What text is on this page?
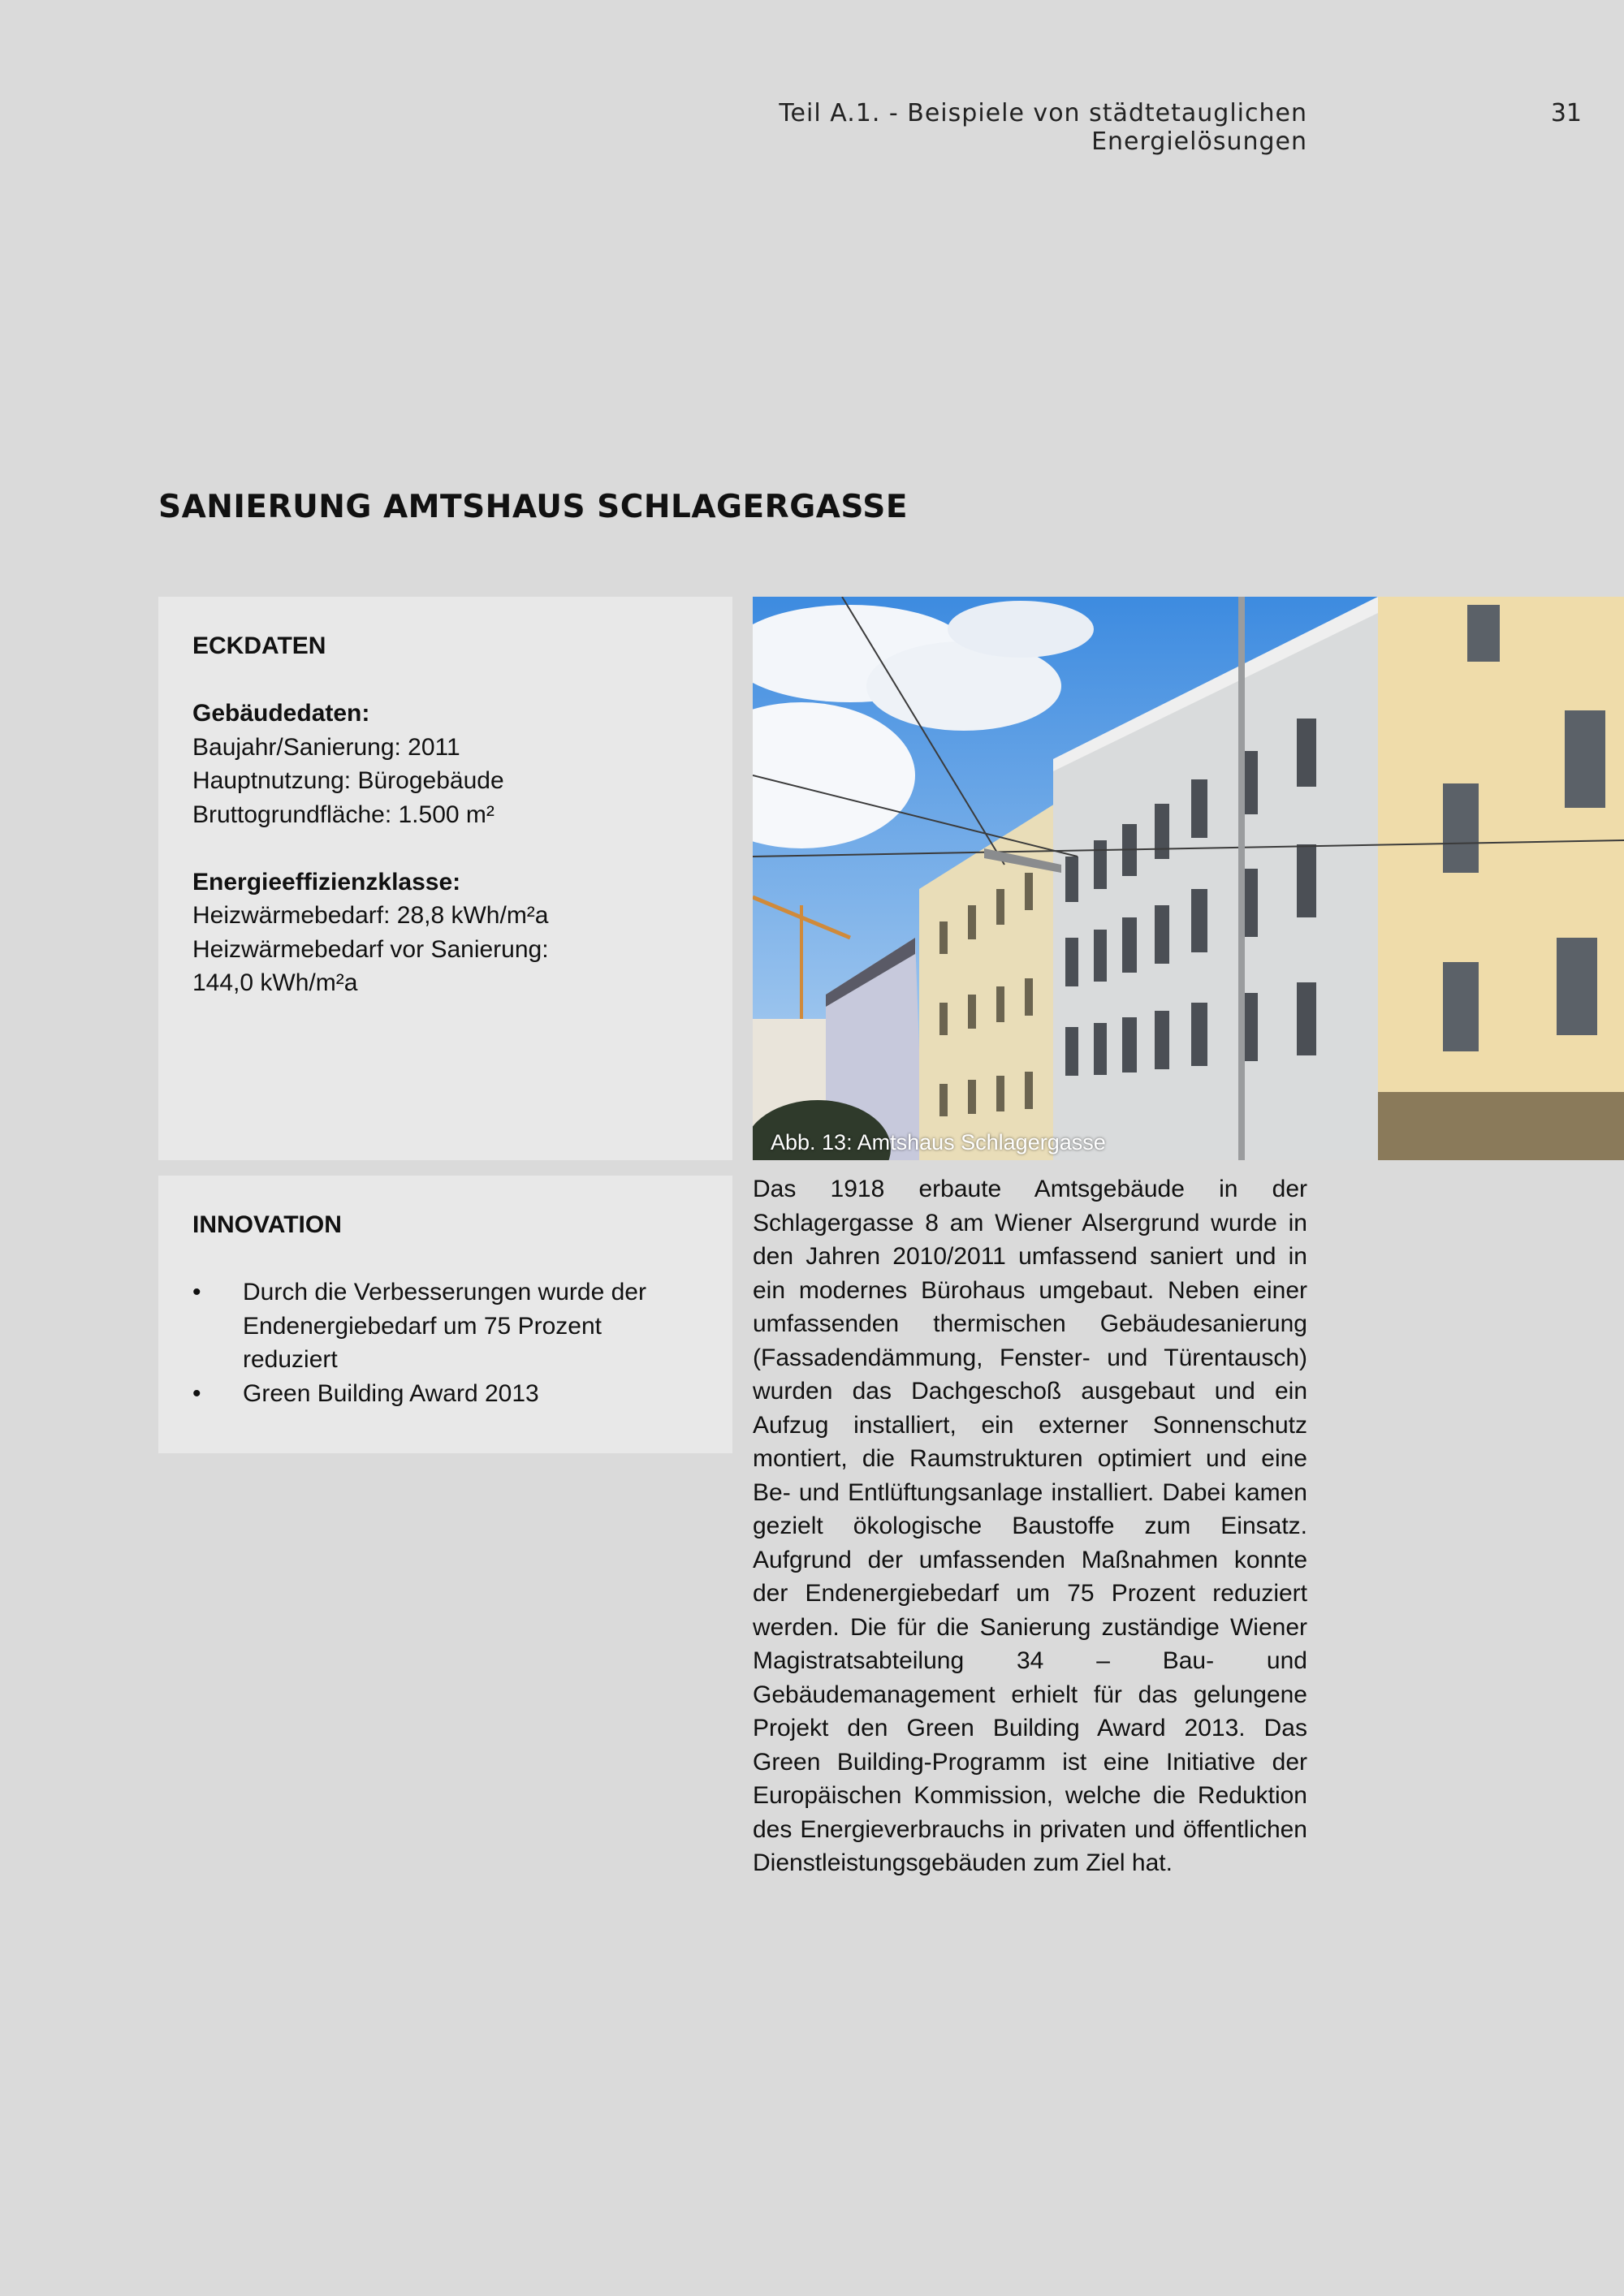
Teil A.1. - Beispiele von städtetauglichen Energielösungen
31
SANIERUNG AMTSHAUS SCHLAGERGASSE
ECKDATEN
Gebäudedaten:
Baujahr/Sanierung: 2011
Hauptnutzung: Bürogebäude
Bruttogrundfläche: 1.500 m²
Energieeffizienzklasse:
Heizwärmebedarf: 28,8 kWh/m²a
Heizwärmebedarf vor Sanierung:
144,0 kWh/m²a
INNOVATION
• Durch die Verbesserungen wurde der Endenergiebedarf um 75 Prozent reduziert
• Green Building Award 2013
Abb. 13: Amtshaus Schlagergasse

Das 1918 erbaute Amtsgebäude in der Schlagergasse 8 am Wiener Alsergrund wurde in den Jahren 2010/2011 umfassend saniert und in ein modernes Bürohaus umgebaut. Neben einer umfassenden thermischen Gebäudesanierung (Fassadendämmung, Fenster- und Türentausch) wurden das Dachgeschoß ausgebaut und ein Aufzug installiert, ein externer Sonnenschutz montiert, die Raumstrukturen optimiert und eine Be- und Entlüftungsanlage installiert. Dabei kamen gezielt ökologische Baustoffe zum Einsatz. Aufgrund der umfassenden Maßnahmen konnte der Endenergiebedarf um 75 Prozent reduziert werden. Die für die Sanierung zuständige Wiener Magistratsabteilung 34 – Bau- und Gebäudemanagement erhielt für das gelungene Projekt den Green Building Award 2013. Das Green Building-Programm ist eine Initiative der Europäischen Kommission, welche die Reduktion des Energieverbrauchs in privaten und öffentlichen Dienstleistungsgebäuden zum Ziel hat.
